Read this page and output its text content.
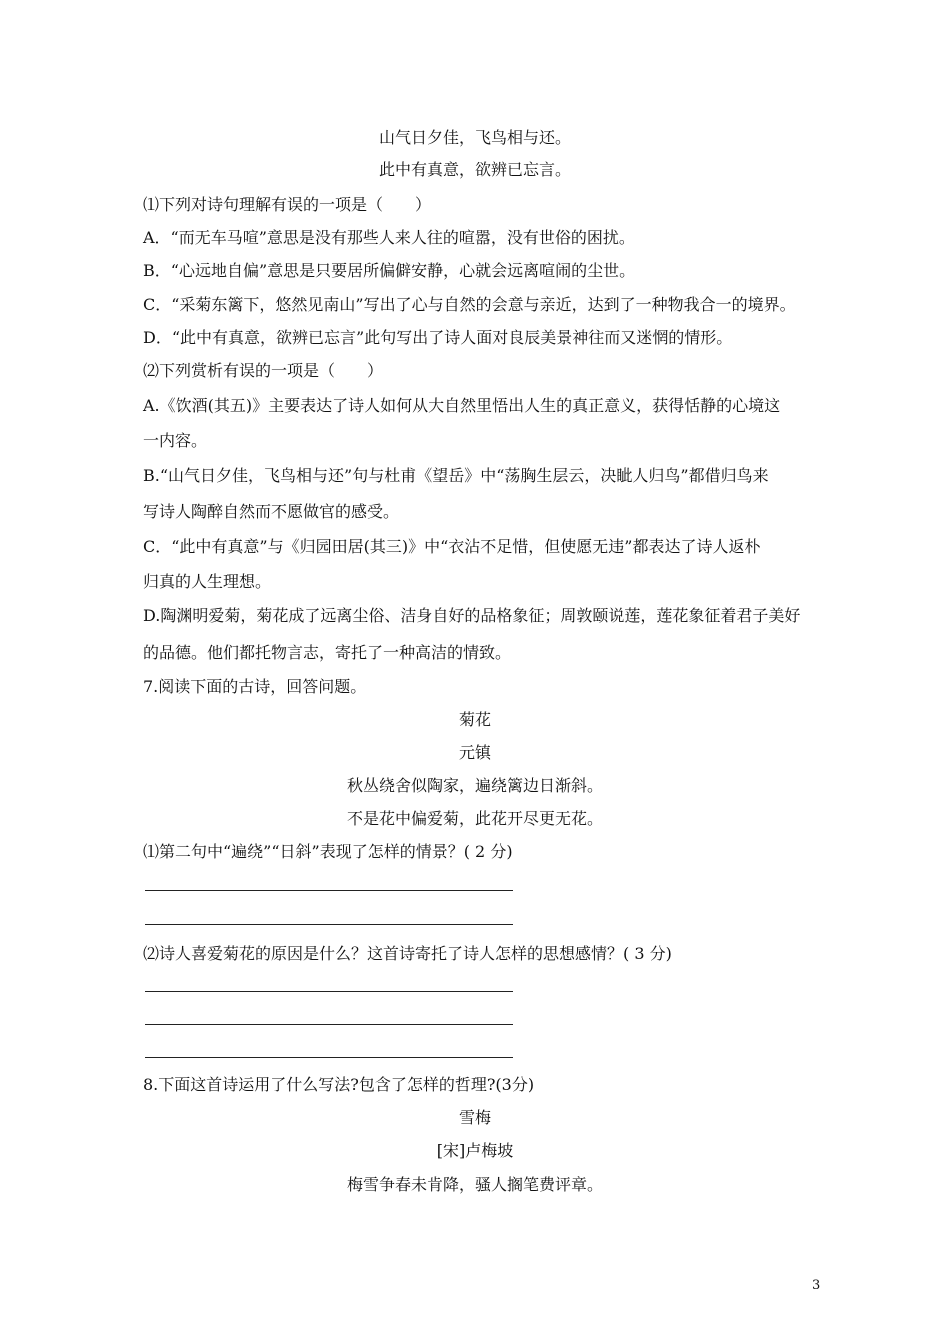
山气日夕佳，飞鸟相与还。
此中有真意，欲辨已忘言。
⑴下列对诗句理解有误的一项是（　　）
A．“而无车马喧”意思是没有那些人来人往的喧嚣，没有世俗的困扰。
B．“心远地自偏”意思是只要居所偏僻安静，心就会远离喧闹的尘世。
C．“采菊东篱下，悠然见南山”写出了心与自然的会意与亲近，达到了一种物我合一的境界。
D．“此中有真意，欲辨已忘言”此句写出了诗人面对良辰美景神往而又迷惘的情形。
⑵下列赏析有误的一项是（　　）
A.《饮酒(其五)》主要表达了诗人如何从大自然里悟出人生的真正意义，获得恬静的心境这
一内容。
B.“山气日夕佳，飞鸟相与还”句与杜甫《望岳》中“荡胸生层云，决眦人归鸟”都借归鸟来
写诗人陶醉自然而不愿做官的感受。
C．“此中有真意”与《归园田居(其三)》中“衣沾不足惜，但使愿无违”都表达了诗人返朴
归真的人生理想。
D.陶渊明爱菊，菊花成了远离尘俗、洁身自好的品格象征；周敦颐说莲，莲花象征着君子美好
的品德。他们都托物言志，寄托了一种高洁的情致。
7.阅读下面的古诗，回答问题。
菊花
元镇
秋丛绕舍似陶家，遍绕篱边日渐斜。
不是花中偏爱菊，此花开尽更无花。
⑴第二句中“遍绕”“日斜”表现了怎样的情景？( 2 分)
⑵诗人喜爱菊花的原因是什么？这首诗寄托了诗人怎样的思想感情？( 3 分)
8.下面这首诗运用了什么写法?包含了怎样的哲理?(3分)
雪梅
[宋]卢梅坡
梅雪争春未肯降，骚人搁笔费评章。
3
